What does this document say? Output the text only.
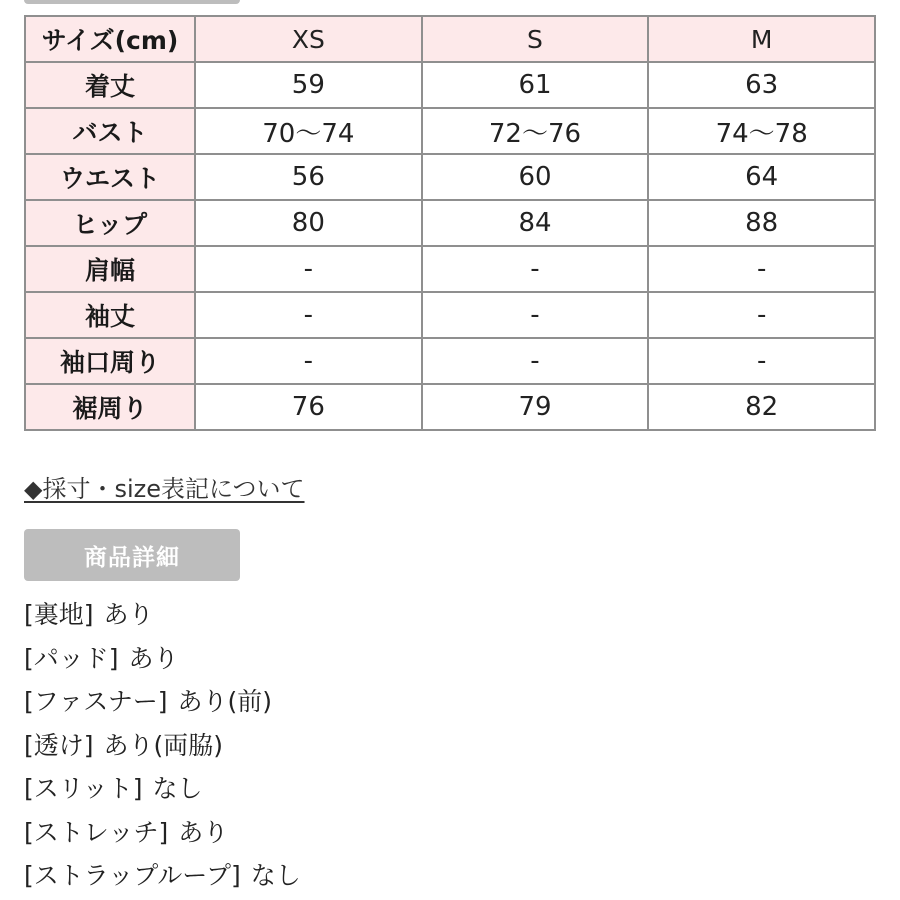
サイズ(cm)	XS	S	M
着丈	59	61	63
バスト	70〜74	72〜76	74〜78
ウエスト	56	60	64
ヒップ	80	84	88
肩幅	-	-	-
袖丈	-	-	-
袖口周り	-	-	-
裾周り	76	79	82
◆採寸・size表記について
商品詳細
[裏地] あり
[パッド] あり
[ファスナー] あり(前)
[透け] あり(両脇)
[スリット] なし
[ストレッチ] あり
[ストラップループ] なし
